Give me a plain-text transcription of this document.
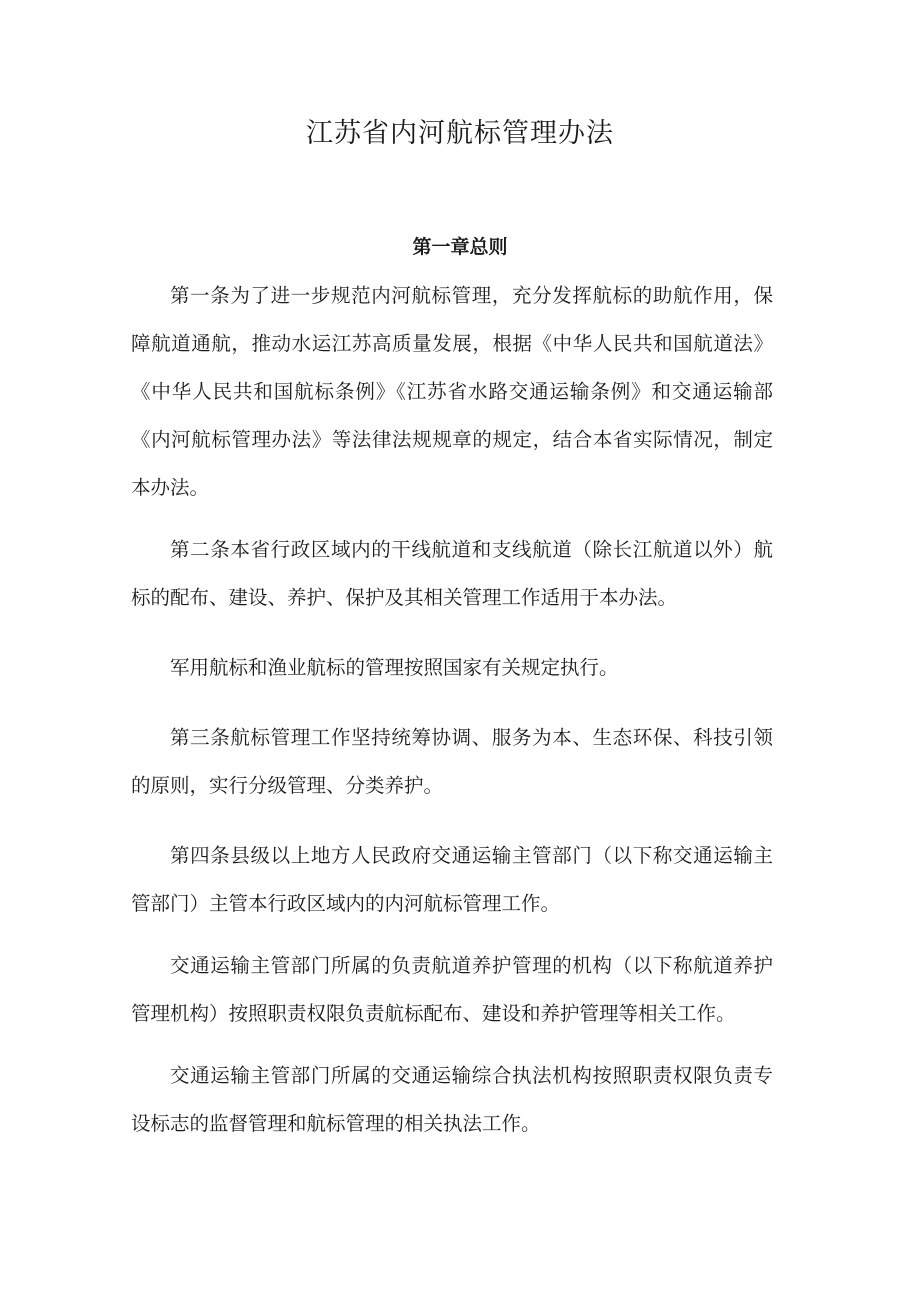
江苏省内河航标管理办法
第一章总则

第一条为了进一步规范内河航标管理，充分发挥航标的助航作用，保障航道通航，推动水运江苏高质量发展，根据《中华人民共和国航道法》《中华人民共和国航标条例》《江苏省水路交通运输条例》和交通运输部《内河航标管理办法》等法律法规规章的规定，结合本省实际情况，制定本办法。

第二条本省行政区域内的干线航道和支线航道（除长江航道以外）航标的配布、建设、养护、保护及其相关管理工作适用于本办法。

军用航标和渔业航标的管理按照国家有关规定执行。

第三条航标管理工作坚持统筹协调、服务为本、生态环保、科技引领的原则，实行分级管理、分类养护。

第四条县级以上地方人民政府交通运输主管部门（以下称交通运输主管部门）主管本行政区域内的内河航标管理工作。

交通运输主管部门所属的负责航道养护管理的机构（以下称航道养护管理机构）按照职责权限负责航标配布、建设和养护管理等相关工作。

交通运输主管部门所属的交通运输综合执法机构按照职责权限负责专设标志的监督管理和航标管理的相关执法工作。
